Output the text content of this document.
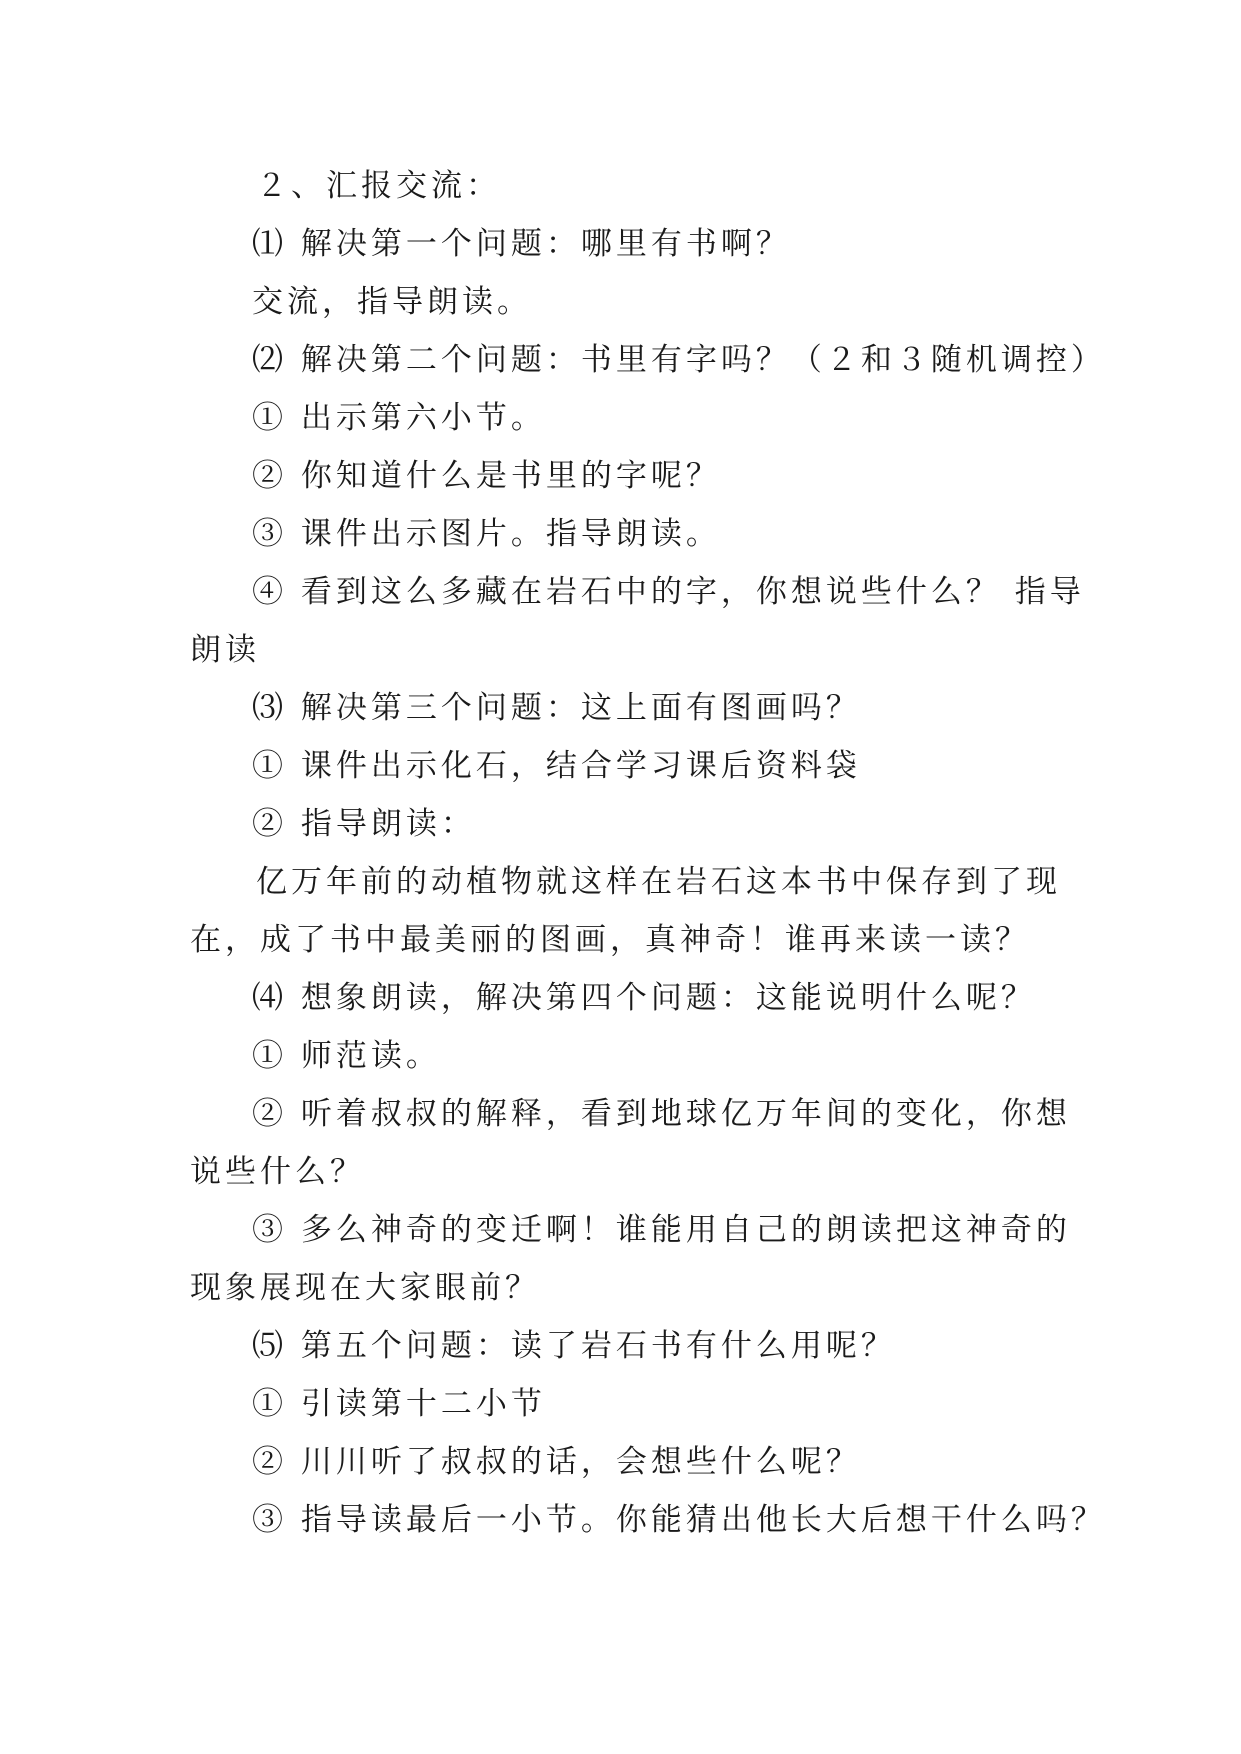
２、汇报交流：
⑴ 解决第一个问题：哪里有书啊？
交流，指导朗读。
⑵ 解决第二个问题：书里有字吗？（２和３随机调控）
① 出示第六小节。
② 你知道什么是书里的字呢？
③ 课件出示图片。指导朗读。
④ 看到这么多藏在岩石中的字，你想说些什么？ 指导
朗读
⑶ 解决第三个问题：这上面有图画吗？
① 课件出示化石，结合学习课后资料袋
② 指导朗读：
亿万年前的动植物就这样在岩石这本书中保存到了现
在，成了书中最美丽的图画，真神奇！谁再来读一读？
⑷ 想象朗读，解决第四个问题：这能说明什么呢？
① 师范读。
② 听着叔叔的解释，看到地球亿万年间的变化，你想
说些什么？
③ 多么神奇的变迁啊！谁能用自己的朗读把这神奇的
现象展现在大家眼前？
⑸ 第五个问题：读了岩石书有什么用呢？
① 引读第十二小节
② 川川听了叔叔的话，会想些什么呢？
③ 指导读最后一小节。你能猜出他长大后想干什么吗？
